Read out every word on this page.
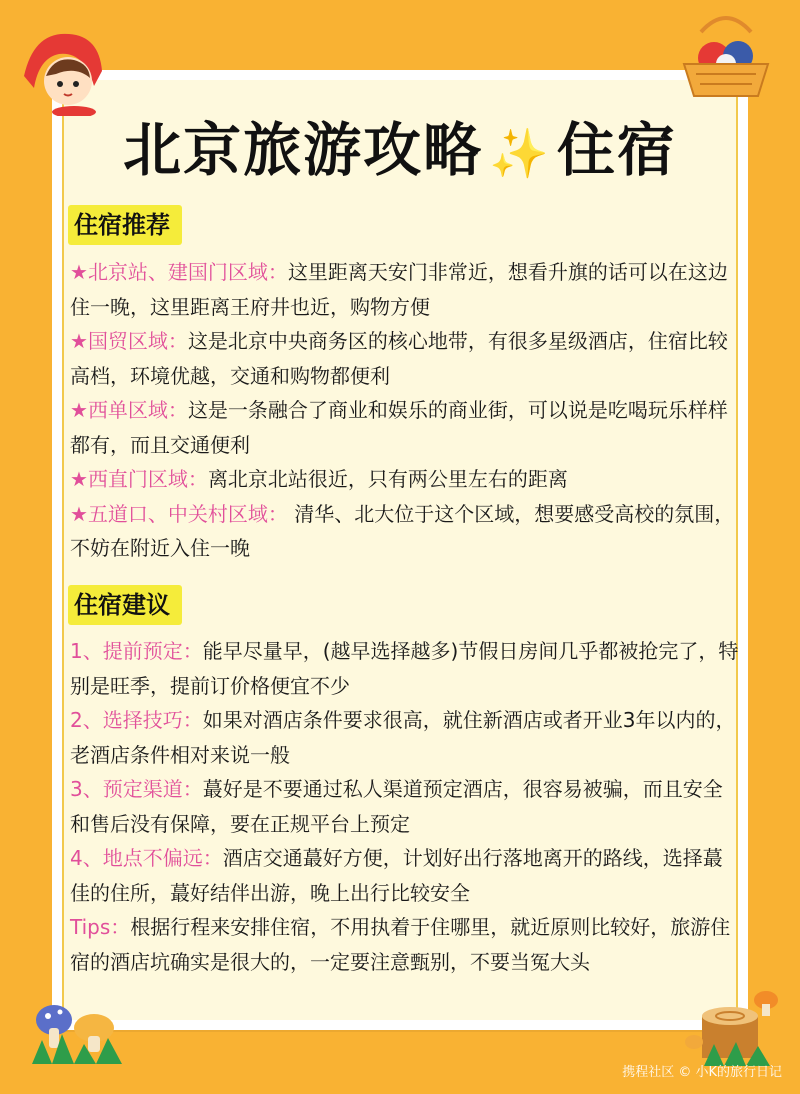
北京旅游攻略 ✨ 住宿
住宿推荐

★北京站、建国门区域：这里距离天安门非常近，想看升旗的话可以在这边住一晚，这里距离王府井也近，购物方便

★国贸区域：这是北京中央商务区的核心地带，有很多星级酒店，住宿比较高档，环境优越，交通和购物都便利

★西单区域：这是一条融合了商业和娱乐的商业街，可以说是吃喝玩乐样样都有，而且交通便利

★西直门区域：离北京北站很近，只有两公里左右的距离

★五道口、中关村区域： 清华、北大位于这个区域，想要感受高校的氛围，不妨在附近入住一晚

住宿建议

1、提前预定：能早尽量早，(越早选择越多)节假日房间几乎都被抢完了，特别是旺季，提前订价格便宜不少

2、选择技巧：如果对酒店条件要求很高，就住新酒店或者开业3年以内的，老酒店条件相对来说一般

3、预定渠道：蕞好是不要通过私人渠道预定酒店，很容易被骗，而且安全和售后没有保障，要在正规平台上预定

4、地点不偏远：酒店交通蕞好方便，计划好出行落地离开的路线，选择蕞佳的住所，蕞好结伴出游，晚上出行比较安全

Tips：根据行程来安排住宿，不用执着于住哪里，就近原则比较好，旅游住宿的酒店坑确实是很大的，一定要注意甄别，不要当冤大头

携程社区 © 小K的旅行日记
